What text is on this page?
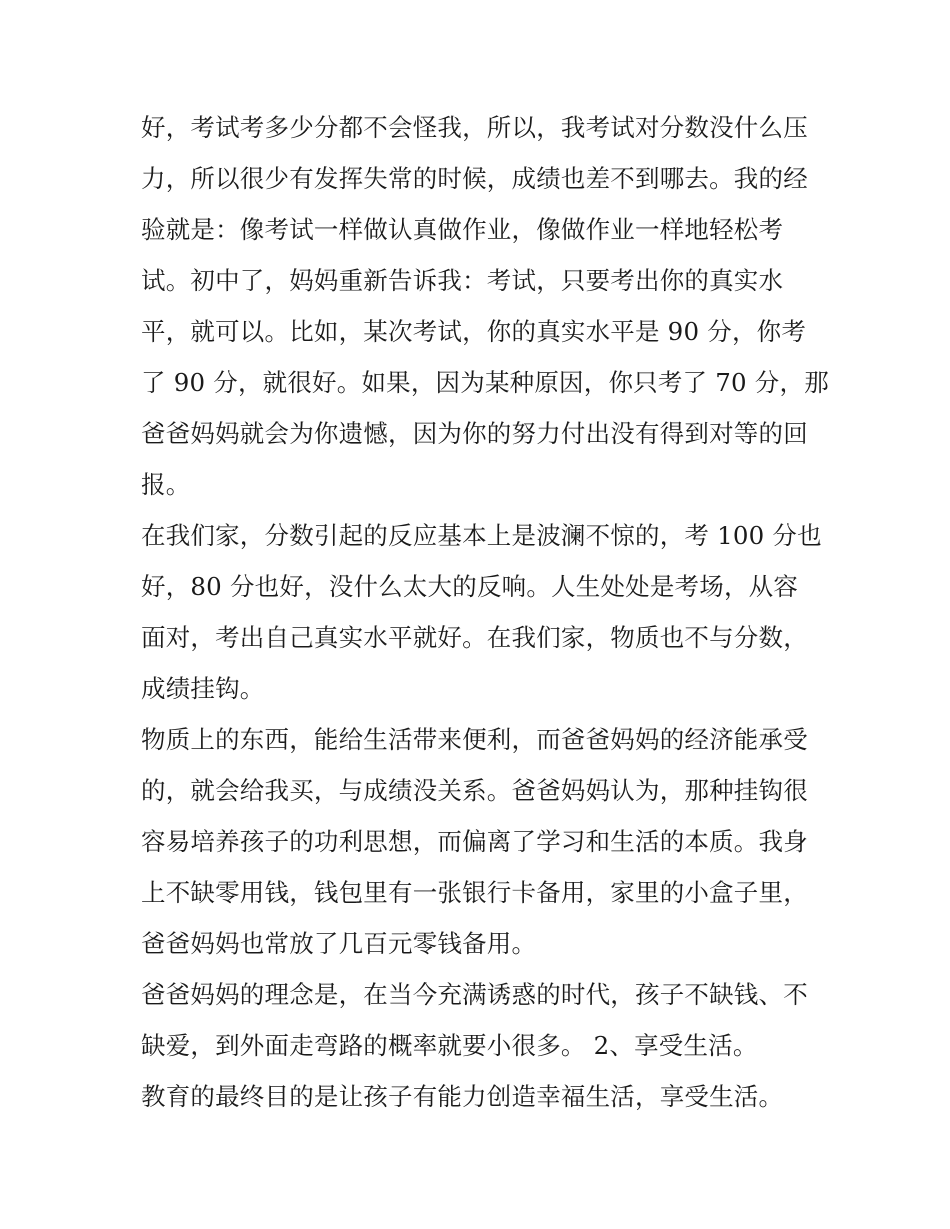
好，考试考多少分都不会怪我，所以，我考试对分数没什么压
力，所以很少有发挥失常的时候，成绩也差不到哪去。我的经
验就是：像考试一样做认真做作业，像做作业一样地轻松考
试。初中了，妈妈重新告诉我：考试，只要考出你的真实水
平，就可以。比如，某次考试，你的真实水平是 90 分，你考
了 90 分，就很好。如果，因为某种原因，你只考了 70 分，那
爸爸妈妈就会为你遗憾，因为你的努力付出没有得到对等的回
报。
在我们家，分数引起的反应基本上是波澜不惊的，考 100 分也
好，80 分也好，没什么太大的反响。人生处处是考场，从容
面对，考出自己真实水平就好。在我们家，物质也不与分数，
成绩挂钩。
物质上的东西，能给生活带来便利，而爸爸妈妈的经济能承受
的，就会给我买，与成绩没关系。爸爸妈妈认为，那种挂钩很
容易培养孩子的功利思想，而偏离了学习和生活的本质。我身
上不缺零用钱，钱包里有一张银行卡备用，家里的小盒子里，
爸爸妈妈也常放了几百元零钱备用。
爸爸妈妈的理念是，在当今充满诱惑的时代，孩子不缺钱、不
缺爱，到外面走弯路的概率就要小很多。 2、享受生活。
教育的最终目的是让孩子有能力创造幸福生活，享受生活。
